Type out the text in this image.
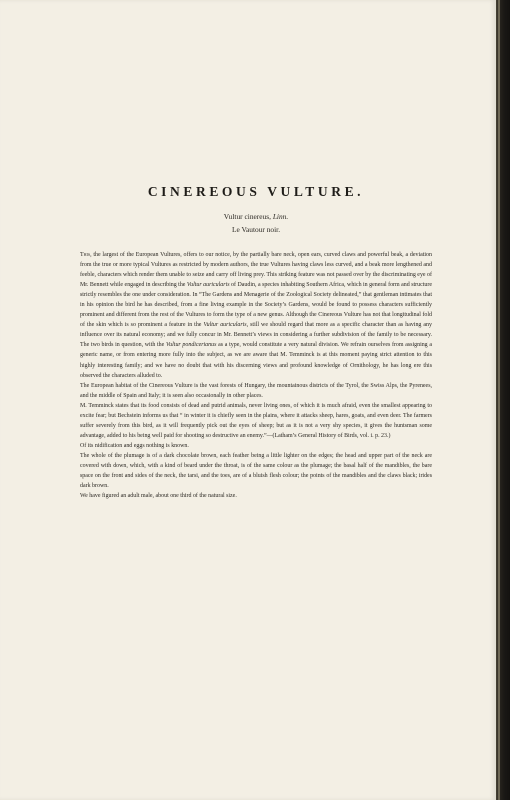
CINEREOUS VULTURE.
Vultur cinereus, Linn.
Le Vautour noir.

This, the largest of the European Vultures, offers to our notice, by the partially bare neck, open ears, curved claws and powerful beak, a deviation from the true or more typical Vultures as restricted by modern authors, the true Vultures having claws less curved, and a beak more lengthened and feeble, characters which render them unable to seize and carry off living prey. This striking feature was not passed over by the discriminating eye of Mr. Bennett while engaged in describing the Vultur auricularis of Daudin, a species inhabiting Southern Africa, which in general form and structure strictly resembles the one under consideration. In “The Gardens and Menagerie of the Zoological Society delineated,” that gentleman intimates that in his opinion the bird he has described, from a fine living example in the Society’s Gardens, would be found to possess characters sufficiently prominent and different from the rest of the Vultures to form the type of a new genus. Although the Cinereous Vulture has not that longitudinal fold of the skin which is so prominent a feature in the Vultur auricularis, still we should regard that more as a specific character than as having any influence over its natural economy; and we fully concur in Mr. Bennett’s views in considering a further subdivision of the family to be necessary. The two birds in question, with the Vultur pondicerianus as a type, would constitute a very natural division. We refrain ourselves from assigning a generic name, or from entering more fully into the subject, as we are aware that M. Temminck is at this moment paying strict attention to this highly interesting family; and we have no doubt that with his discerning views and profound knowledge of Ornithology, he has long ere this observed the characters alluded to.

The European habitat of the Cinereous Vulture is the vast forests of Hungary, the mountainous districts of the Tyrol, the Swiss Alps, the Pyrenees, and the middle of Spain and Italy; it is seen also occasionally in other places.

M. Temminck states that its food consists of dead and putrid animals, never living ones, of which it is much afraid, even the smallest appearing to excite fear; but Bechstein informs us that “ in winter it is chiefly seen in the plains, where it attacks sheep, hares, goats, and even deer. The farmers suffer severely from this bird, as it will frequently pick out the eyes of sheep; but as it is not a very shy species, it gives the huntsman some advantage, added to his being well paid for shooting so destructive an enemy.”—(Latham’s General History of Birds, vol. i. p. 23.)

Of its nidification and eggs nothing is known.

The whole of the plumage is of a dark chocolate brown, each feather being a little lighter on the edges; the head and upper part of the neck are covered with down, which, with a kind of beard under the throat, is of the same colour as the plumage; the basal half of the mandibles, the bare space on the front and sides of the neck, the tarsi, and the toes, are of a bluish flesh colour; the points of the mandibles and the claws black; irides dark brown.

We have figured an adult male, about one third of the natural size.
